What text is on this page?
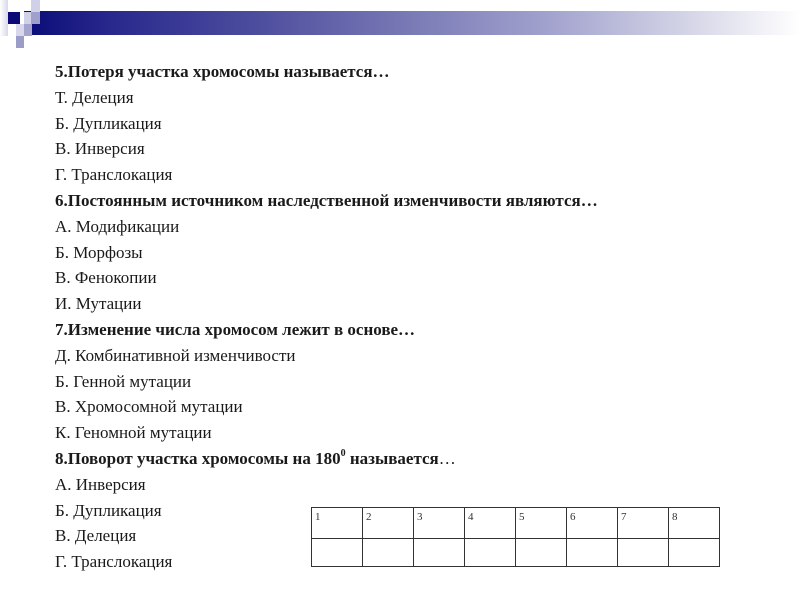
5.Потеря участка хромосомы называется…
Т. Делеция
Б. Дупликация
В. Инверсия
Г. Транслокация
6.Постоянным источником наследственной изменчивости являются…
А. Модификации
Б. Морфозы
В. Фенокопии
И. Мутации
7.Изменение числа хромосом лежит в основе…
Д. Комбинативной изменчивости
Б. Генной мутации
В. Хромосомной мутации
К. Геномной мутации
8.Поворот участка хромосомы на $180^0$ называется…
А. Инверсия
Б. Дупликация
В. Делеция
Г. Транслокация
1	2	3	4	5	6	7	8
